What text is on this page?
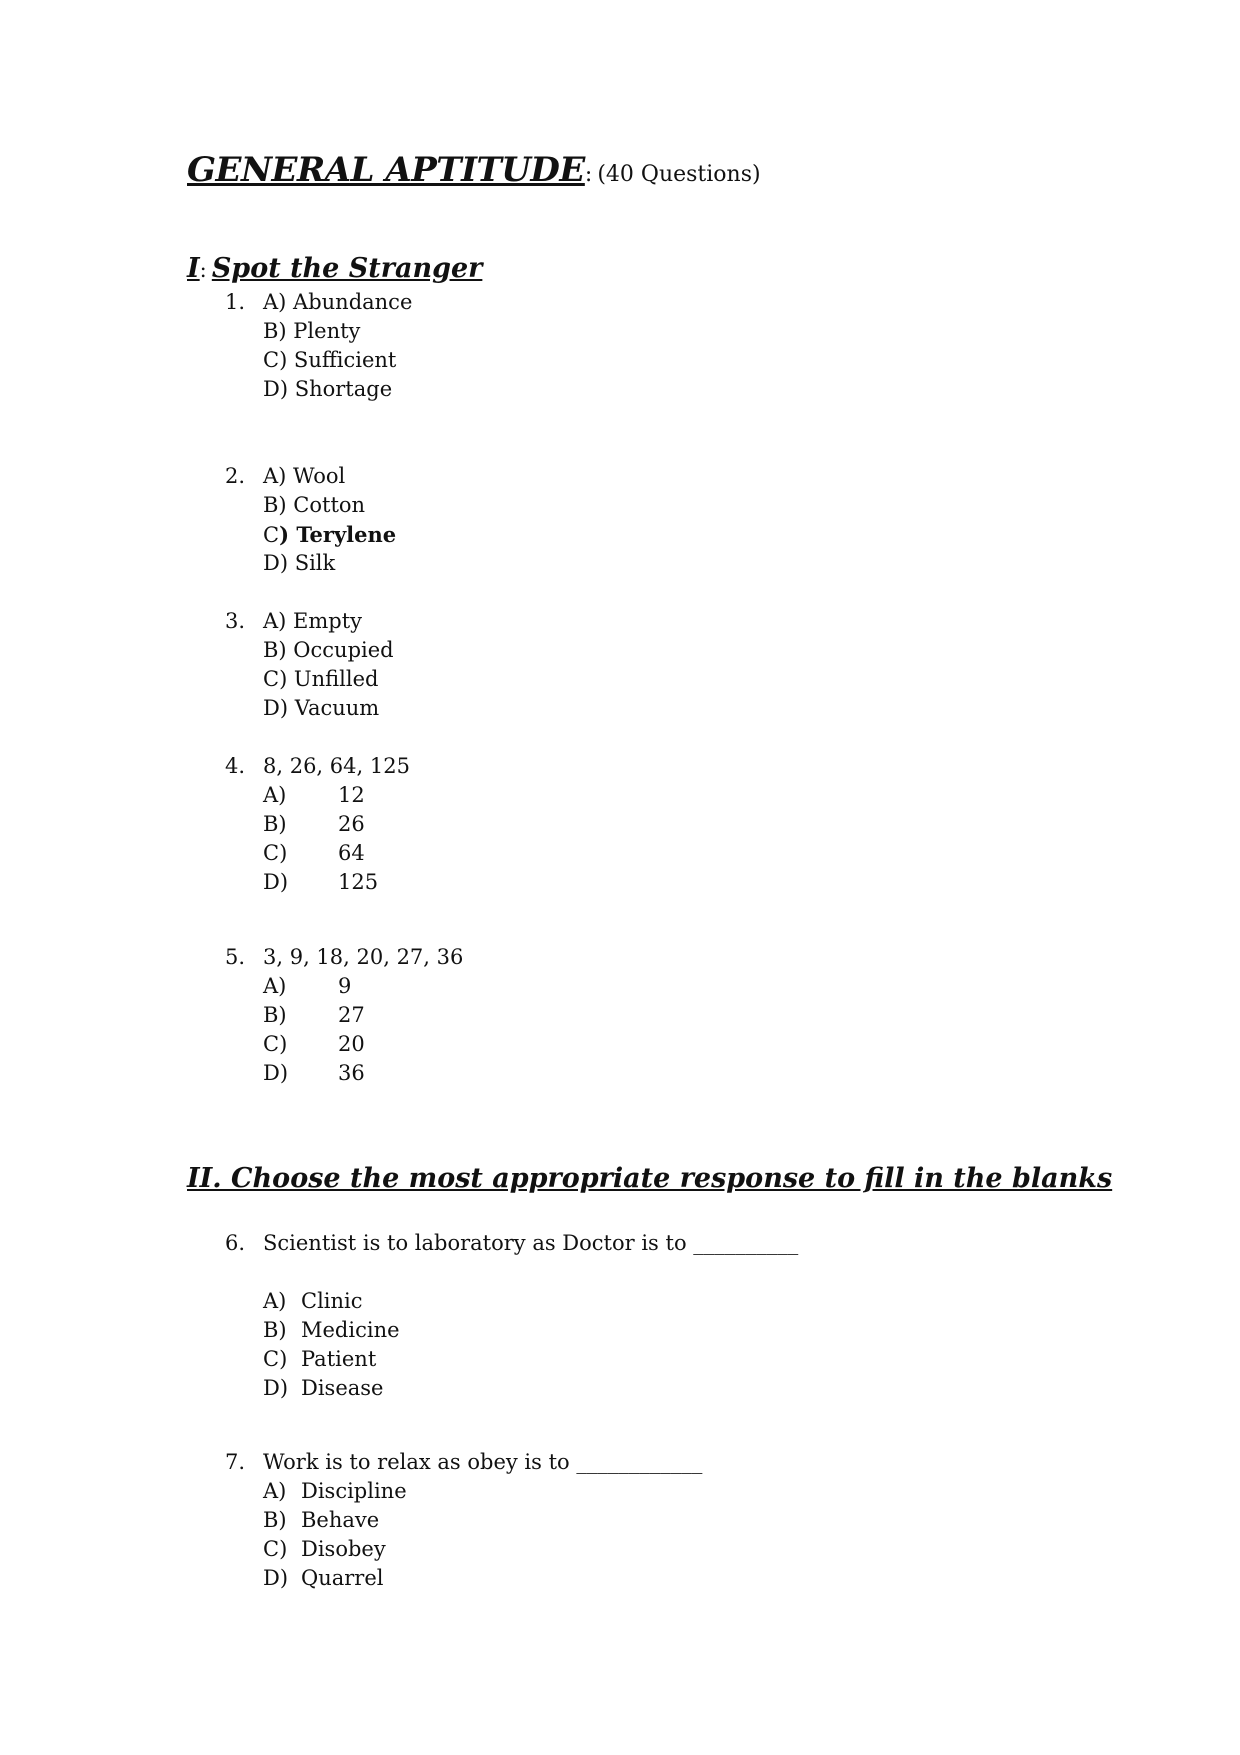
GENERAL APTITUDE: (40 Questions)
I: Spot the Stranger
1. A) Abundance
B) Plenty
C) Sufficient
D) Shortage
2. A) Wool
B) Cotton
C) Terylene
D) Silk
3. A) Empty
B) Occupied
C) Unfilled
D) Vacuum
4. 8, 26, 64, 125
A) 12
B) 26
C) 64
D) 125
5. 3, 9, 18, 20, 27, 36
A) 9
B) 27
C) 20
D) 36
II. Choose the most appropriate response to fill in the blanks
6. Scientist is to laboratory as Doctor is to __________
A) Clinic
B) Medicine
C) Patient
D) Disease
7. Work is to relax as obey is to ____________
A) Discipline
B) Behave
C) Disobey
D) Quarrel
